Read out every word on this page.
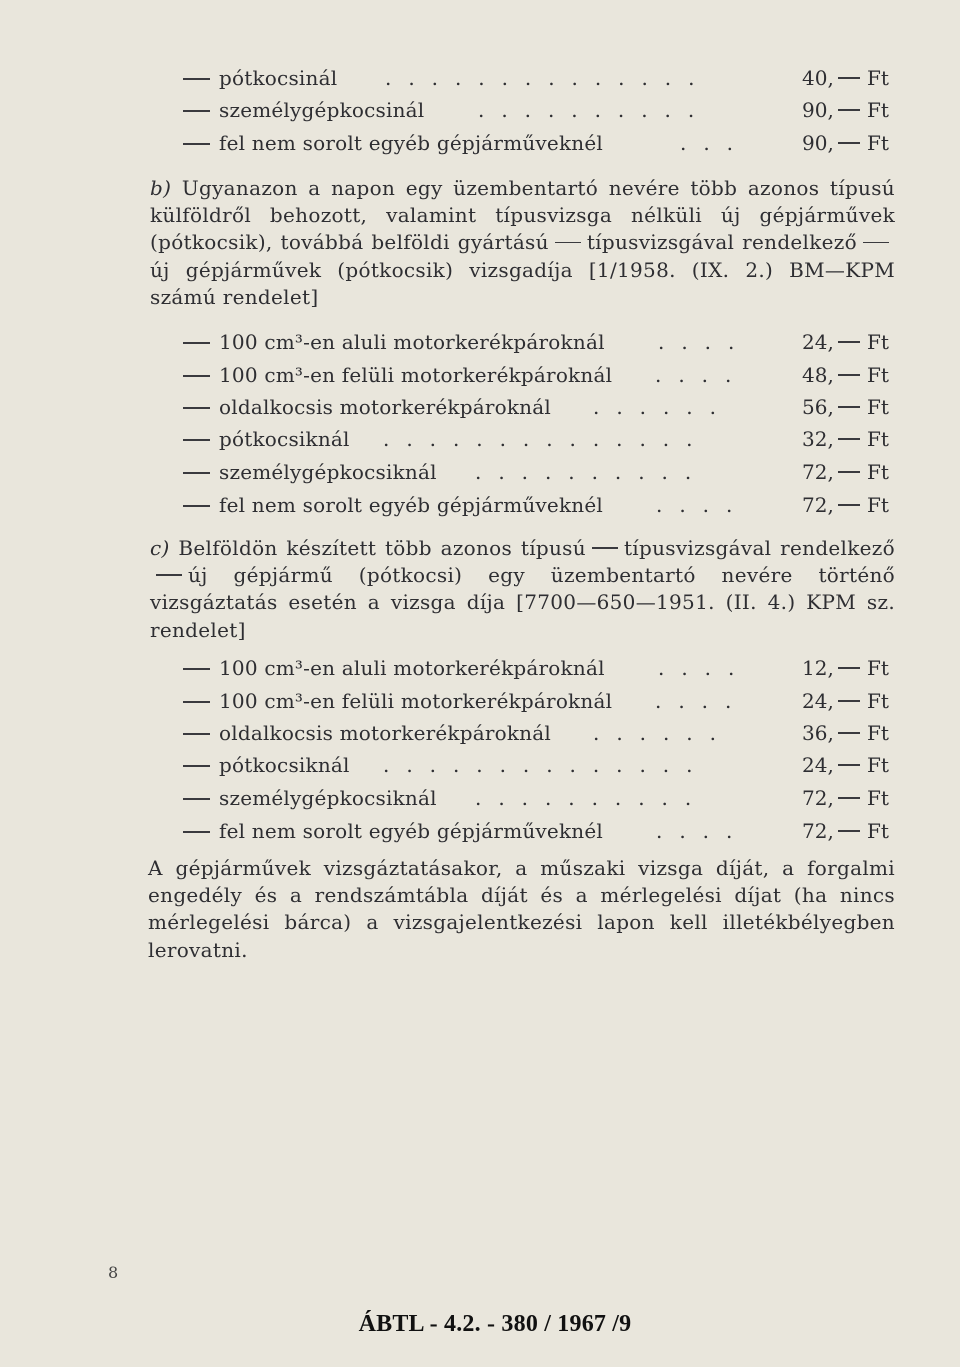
pótkocsinál . . . . . . . . . . . . . .	40,	Ft
személygépkocsinál	. . . . . . . . . .	90,	Ft
fel nem sorolt egyéb gépjárműveknél	. . .	90,	Ft
b) Ugyanazon a napon egy üzembentartó nevére több azonos típusú külföldről behozott, valamint típusvizsga nélküli új gépjárművek (pótkocsik), továbbá belföldi gyártású típusvizsgával rendelkezőúj gépjárművek (pótkocsik) vizsgadíja [1/1958. (IX. 2.) BM—KPM számú rendelet]
100 cm³-en aluli motorkerékpároknál	. . . .	24,	Ft
100 cm³-en felüli motorkerékpároknál . . . .	48,	Ft
oldalkocsis motorkerékpároknál . . . . . .	56,	Ft
pótkocsiknál . . . . . . . . . . . . . .	32,	Ft
személygépkocsiknál . . . . . . . . . .	72,	Ft
fel nem sorolt egyéb gépjárműveknél	. . . .	72,	Ft
c) Belföldön készített több azonos típusú típusvizsgával rendelkezőúj gépjármű (pótkocsi) egy üzembentartó nevére történő vizsgáztatás esetén a vizsga díja [7700—650—1951. (II. 4.) KPM sz. rendelet]
100 cm³-en aluli motorkerékpároknál	. . . .	12,	Ft
100 cm³-en felüli motorkerékpároknál . . . .	24,	Ft
oldalkocsis motorkerékpároknál . . . . . .	36,	Ft
pótkocsiknál . . . . . . . . . . . . . .	24,	Ft
személygépkocsiknál . . . . . . . . . .	72,	Ft
fel nem sorolt egyéb gépjárműveknél	. . . .	72,	Ft
A gépjárművek vizsgáztatásakor, a műszaki vizsga díját, a forgalmi engedély és a rendszámtábla díját és a mérlegelési díjat (ha nincs mérlegelési bárca) a vizsgajelentkezési lapon kell illetékbélyegben lerovatni.
8
ÁBTL - 4.2. - 380 / 1967 /9
